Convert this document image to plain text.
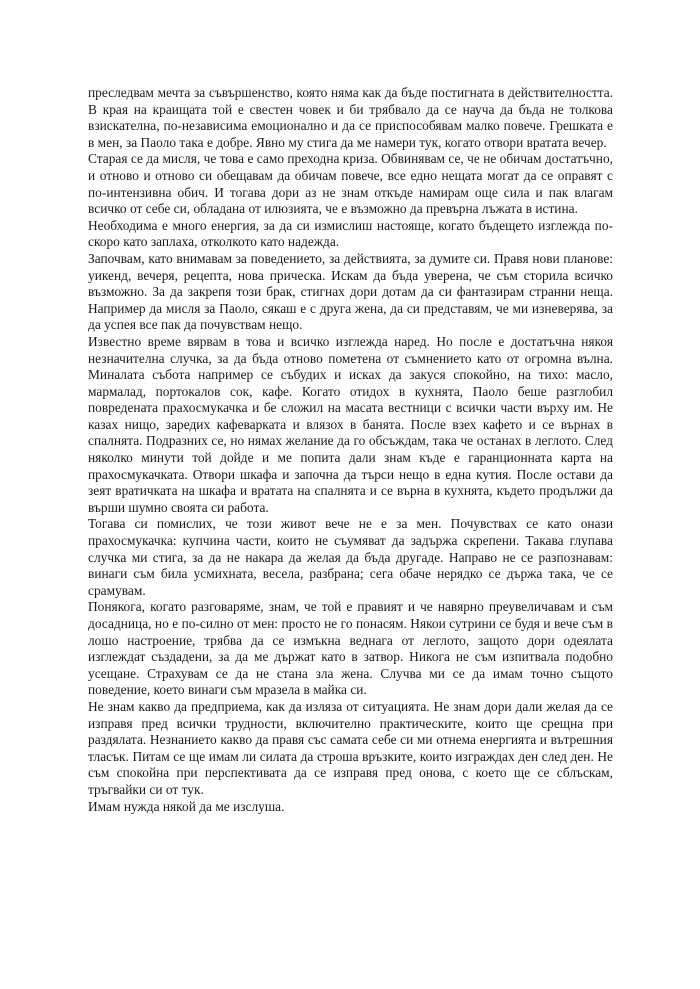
преследвам мечта за съвършенство, която няма как да бъде постигната в действителността. В края на краищата той е свестен човек и би трябвало да се науча да бъда не толкова взискателна, по-независима емоционално и да се приспособявам малко повече. Грешката е в мен, за Паоло така е добре. Явно му стига да ме намери тук, когато отвори вратата вечер.

Старая се да мисля, че това е само преходна криза. Обвинявам се, че не обичам достатъчно, и отново и отново си обещавам да обичам повече, все едно нещата могат да се оправят с по-интензивна обич. И тогава дори аз не знам откъде намирам още сила и пак влагам всичко от себе си, обладана от илюзията, че е възможно да превърна лъжата в истина.

Необходима е много енергия, за да си измислиш настояще, когато бъдещето изглежда по-скоро като заплаха, отколкото като надежда.

Започвам, като внимавам за поведението, за действията, за думите си. Правя нови планове: уикенд, вечеря, рецепта, нова прическа. Искам да бъда уверена, че съм сторила всичко възможно. За да закрепя този брак, стигнах дори дотам да си фантазирам странни неща. Например да мисля за Паоло, сякаш е с друга жена, да си представям, че ми изневерява, за да успея все пак да почувствам нещо.

Известно време вярвам в това и всичко изглежда наред. Но после е достатъчна някоя незначителна случка, за да бъда отново пометена от съмнението като от огромна вълна. Миналата събота например се събудих и исках да закуся спокойно, на тихо: масло, мармалад, портокалов сок, кафе. Когато отидох в кухнята, Паоло беше разглобил повредената прахосмукачка и бе сложил на масата вестници с всички части върху им. Не казах нищо, заредих кафеварката и влязох в банята. После взех кафето и се върнах в спалнята. Подразних се, но нямах желание да го обсъждам, така че останах в леглото. След няколко минути той дойде и ме попита дали знам къде е гаранционната карта на прахосмукачката. Отвори шкафа и започна да търси нещо в една кутия. После остави да зеят вратичката на шкафа и вратата на спалнята и се върна в кухнята, където продължи да върши шумно своята си работа.

Тогава си помислих, че този живот вече не е за мен. Почувствах се като онази прахосмукачка: купчина части, които не съумяват да задържа скрепени. Такава глупава случка ми стига, за да не накара да желая да бъда другаде. Направо не се разпознавам: винаги съм била усмихната, весела, разбрана; сега обаче нерядко се държа така, че се срамувам.

Понякога, когато разговаряме, знам, че той е правият и че навярно преувеличавам и съм досадница, но е по-силно от мен: просто не го понасям. Някои сутрини се будя и вече съм в лошо настроение, трябва да се измъкна веднага от леглото, защото дори одеялата изглеждат създадени, за да ме държат като в затвор. Никога не съм изпитвала подобно усещане. Страхувам се да не стана зла жена. Случва ми се да имам точно същото поведение, което винаги съм мразела в майка си.

Не знам какво да предприема, как да изляза от ситуацията. Не знам дори дали желая да се изправя пред всички трудности, включително практическите, които ще срещна при раздялата. Незнанието какво да правя със самата себе си ми отнема енергията и вътрешния тласък. Питам се ще имам ли силата да строша връзките, които изграждах ден след ден. Не съм спокойна при перспективата да се изправя пред онова, с което ще се сблъскам, тръгвайки си от тук.

Имам нужда някой да ме изслуша.
